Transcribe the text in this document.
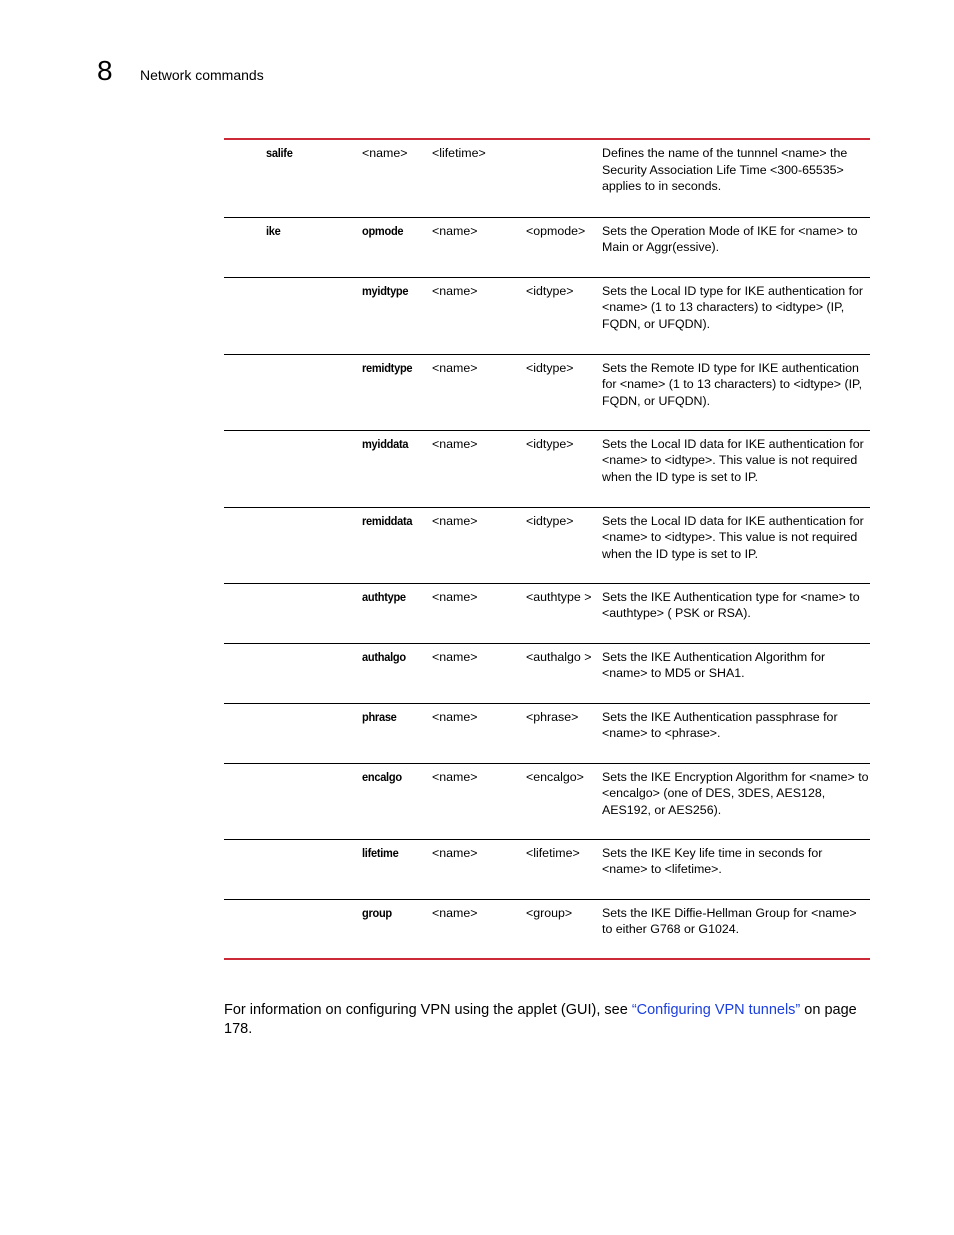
8 Network commands
salife	<name>	<lifetime>		Defines the name of the tunnnel <name> the Security Association Life Time <300-65535> applies to in seconds.

ike	opmode	<name>	<opmode>	Sets the Operation Mode of IKE for <name> to Main or Aggr(essive).

	myidtype	<name>	<idtype>	Sets the Local ID type for IKE authentication for <name> (1 to 13 characters) to <idtype> (IP, FQDN, or UFQDN).

	remidtype	<name>	<idtype>	Sets the Remote ID type for IKE authentication for <name> (1 to 13 characters) to <idtype> (IP, FQDN, or UFQDN).

	myiddata	<name>	<idtype>	Sets the Local ID data for IKE authentication for <name> to <idtype>. This value is not required when the ID type is set to IP.

	remiddata	<name>	<idtype>	Sets the Local ID data for IKE authentication for <name> to <idtype>. This value is not required when the ID type is set to IP.

	authtype	<name>	<authtype >	Sets the IKE Authentication type for <name> to <authtype> ( PSK or RSA).

	authalgo	<name>	<authalgo >	Sets the IKE Authentication Algorithm for <name> to MD5 or SHA1.

	phrase	<name>	<phrase>	Sets the IKE Authentication passphrase for <name> to <phrase>.

	encalgo	<name>	<encalgo>	Sets the IKE Encryption Algorithm for <name> to <encalgo> (one of DES, 3DES, AES128, AES192, or AES256).

	lifetime	<name>	<lifetime>	Sets the IKE Key life time in seconds for <name> to <lifetime>.

	group	<name>	<group>	Sets the IKE Diffie-Hellman Group for <name> to either G768 or G1024.
For information on configuring VPN using the applet (GUI), see “Configuring VPN tunnels” on page 178.
